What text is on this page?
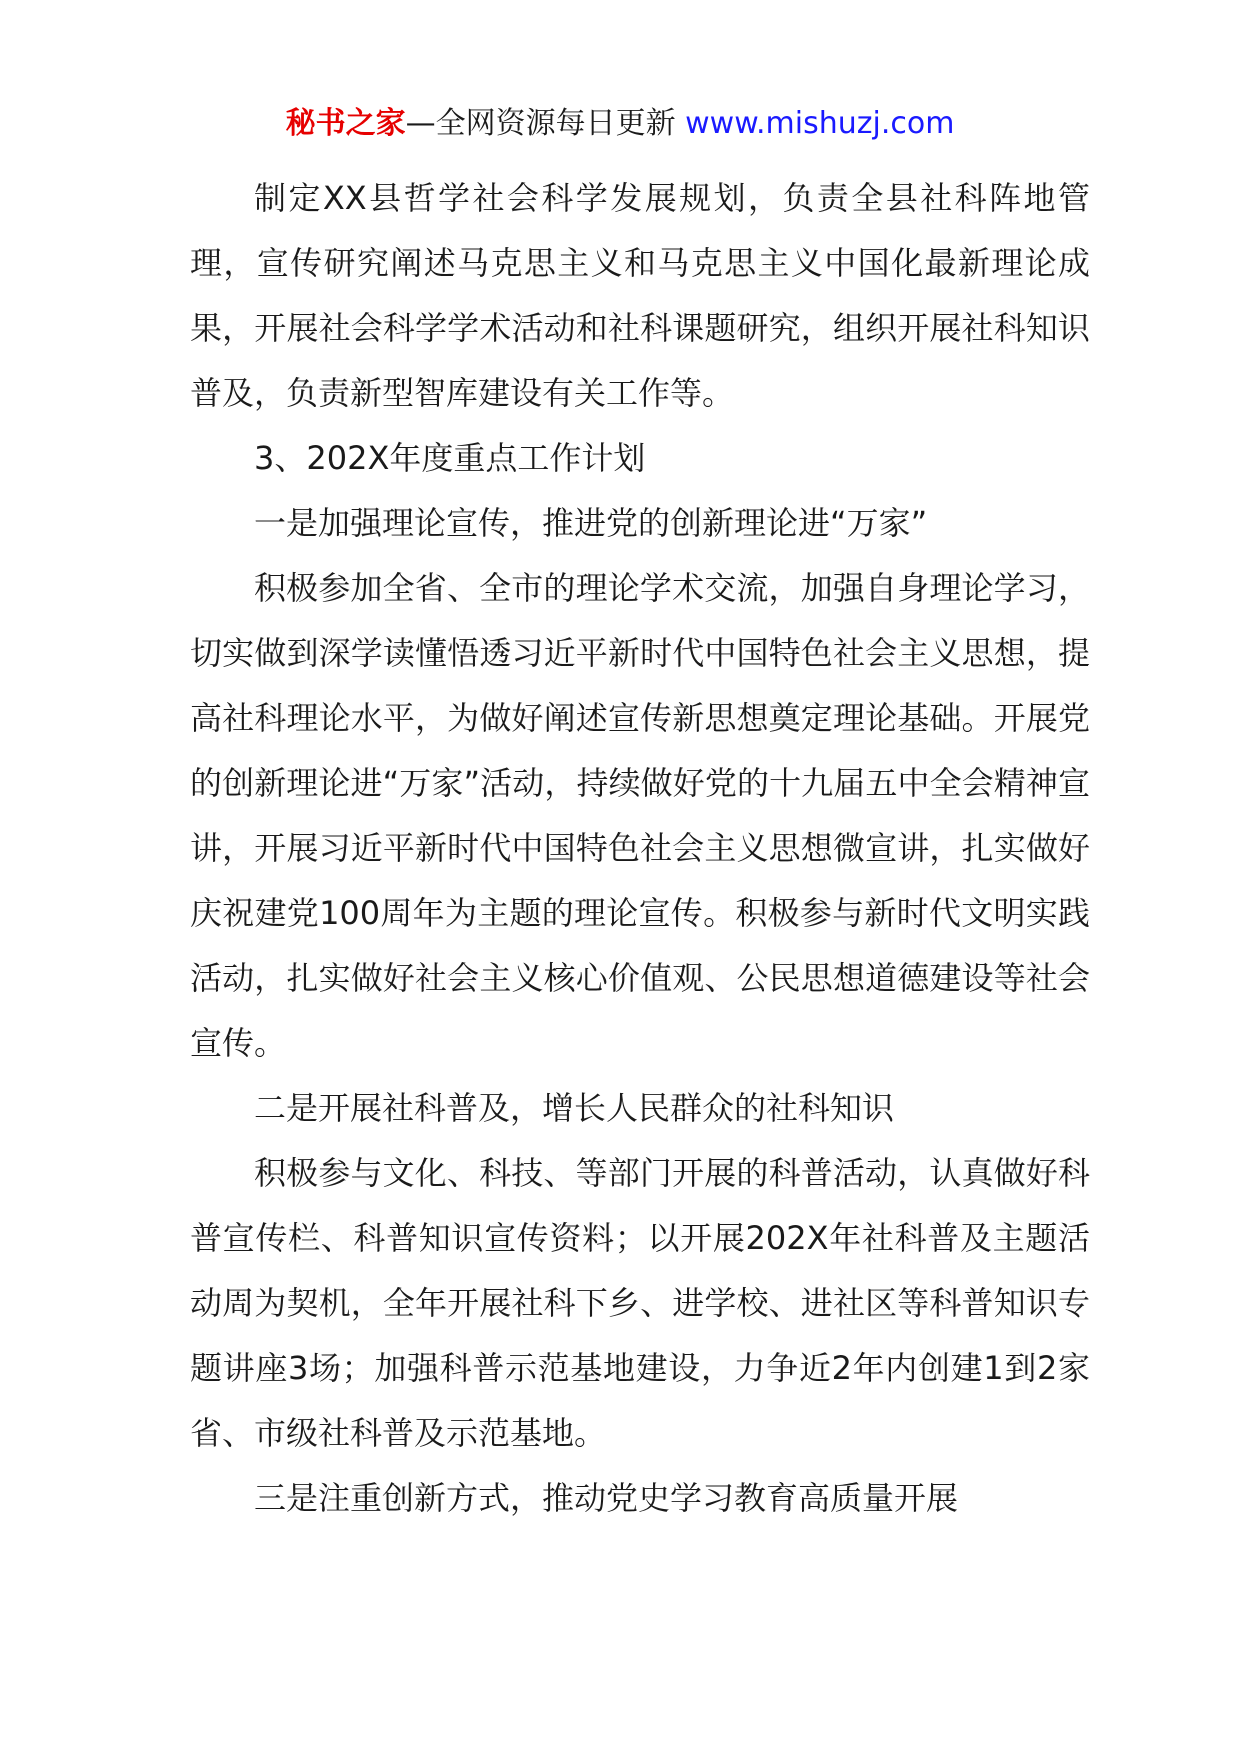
秘书之家—全网资源每日更新 www.mishuzj.com

制定XX县哲学社会科学发展规划，负责全县社科阵地管理，宣传研究阐述马克思主义和马克思主义中国化最新理论成果，开展社会科学学术活动和社科课题研究，组织开展社科知识普及，负责新型智库建设有关工作等。

3、202X年度重点工作计划

一是加强理论宣传，推进党的创新理论进“万家”

积极参加全省、全市的理论学术交流，加强自身理论学习，切实做到深学读懂悟透习近平新时代中国特色社会主义思想，提高社科理论水平，为做好阐述宣传新思想奠定理论基础。开展党的创新理论进“万家”活动，持续做好党的十九届五中全会精神宣讲，开展习近平新时代中国特色社会主义思想微宣讲，扎实做好庆祝建党100周年为主题的理论宣传。积极参与新时代文明实践活动，扎实做好社会主义核心价值观、公民思想道德建设等社会宣传。

二是开展社科普及，增长人民群众的社科知识

积极参与文化、科技、等部门开展的科普活动，认真做好科普宣传栏、科普知识宣传资料；以开展202X年社科普及主题活动周为契机，全年开展社科下乡、进学校、进社区等科普知识专题讲座3场；加强科普示范基地建设，力争近2年内创建1到2家省、市级社科普及示范基地。

三是注重创新方式，推动党史学习教育高质量开展
